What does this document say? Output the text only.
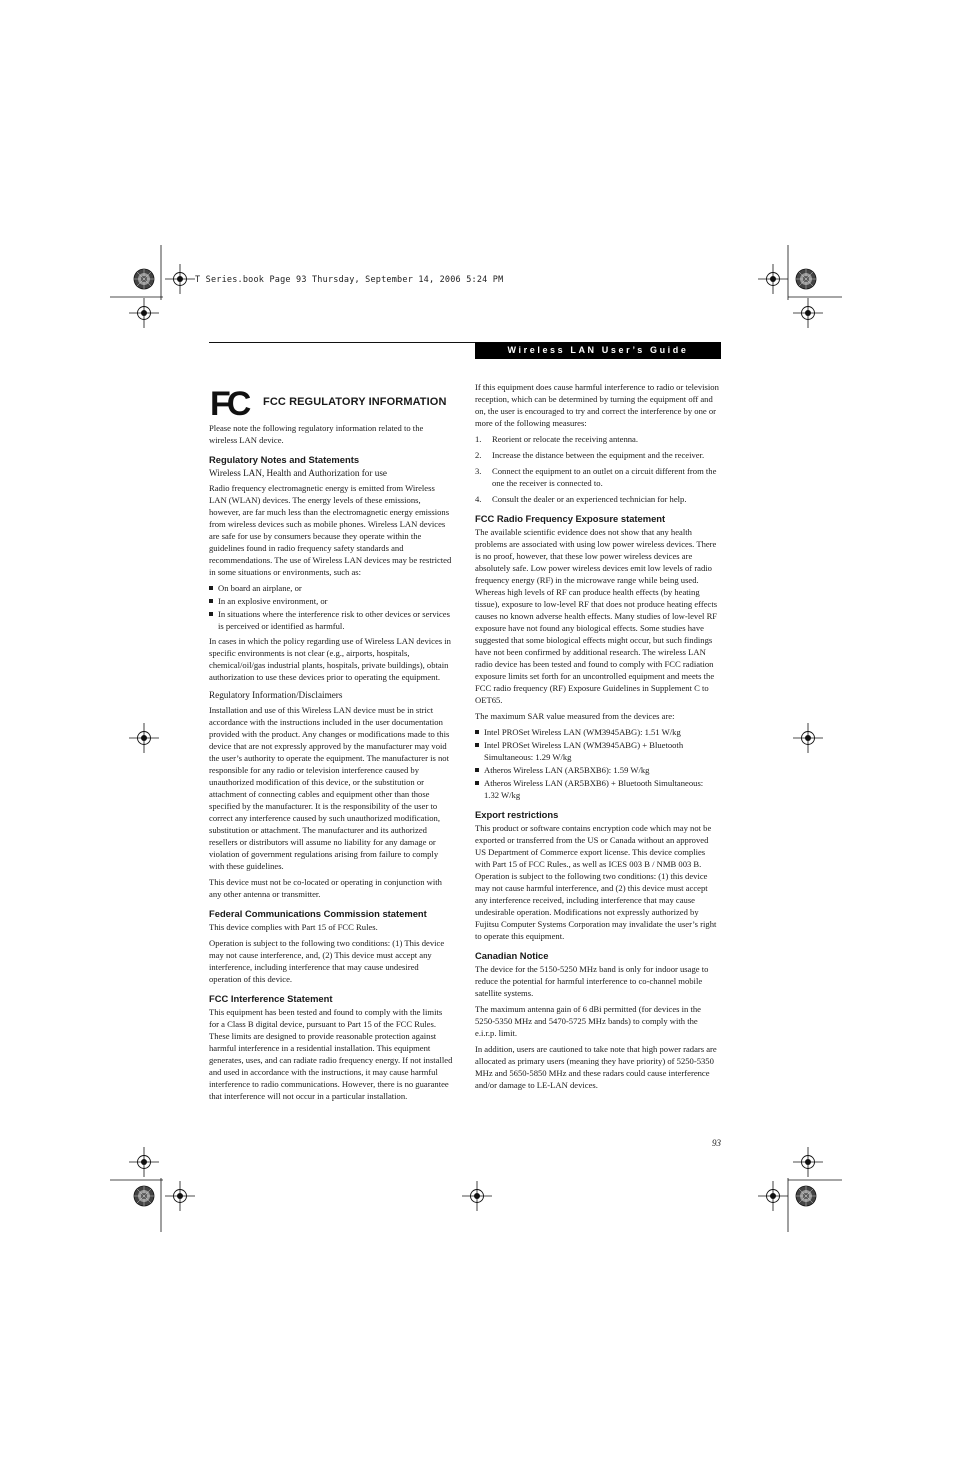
T Series.book Page 93 Thursday, September 14, 2006 5:24 PM
Wireless LAN User’s Guide
FC	FCC REGULATORY INFORMATION

Please note the following regulatory information related to the wireless LAN device.

Regulatory Notes and Statements
Wireless LAN, Health and Authorization for use

Radio frequency electromagnetic energy is emitted from Wireless LAN (WLAN) devices. The energy levels of these emissions, however, are far much less than the electromagnetic energy emissions from wireless devices such as mobile phones. Wireless LAN devices are safe for use by consumers because they operate within the guidelines found in radio frequency safety standards and recommendations. The use of Wireless LAN devices may be restricted in some situations or environments, such as:

On board an airplane, or
In an explosive environment, or
In situations where the interference risk to other devices or services is perceived or identified as harmful.

In cases in which the policy regarding use of Wireless LAN devices in specific environments is not clear (e.g., airports, hospitals, chemical/oil/gas industrial plants, hospitals, private buildings), obtain authorization to use these devices prior to operating the equipment.

Regulatory Information/Disclaimers

Installation and use of this Wireless LAN device must be in strict accordance with the instructions included in the user documentation provided with the product. Any changes or modifications made to this device that are not expressly approved by the manufacturer may void the user’s authority to operate the equipment. The manufacturer is not responsible for any radio or television interference caused by unauthorized modification of this device, or the substitution or attachment of connecting cables and equipment other than those specified by the manufacturer. It is the responsibility of the user to correct any interference caused by such unauthorized modification, substitution or attachment. The manufacturer and its authorized resellers or distributors will assume no liability for any damage or violation of government regulations arising from failure to comply with these guidelines.

This device must not be co-located or operating in conjunction with any other antenna or transmitter.

Federal Communications Commission statement

This device complies with Part 15 of FCC Rules.

Operation is subject to the following two conditions: (1) This device may not cause interference, and, (2) This device must accept any interference, including interference that may cause undesired operation of this device.

FCC Interference Statement

This equipment has been tested and found to comply with the limits for a Class B digital device, pursuant to Part 15 of the FCC Rules. These limits are designed to provide reasonable protection against harmful interference in a residential installation. This equipment generates, uses, and can radiate radio frequency energy. If not installed and used in accordance with the instructions, it may cause harmful interference to radio communications. However, there is no guarantee that interference will not occur in a particular installation.

If this equipment does cause harmful interference to radio or television reception, which can be determined by turning the equipment off and on, the user is encouraged to try and correct the interference by one or more of the following measures:

1. Reorient or relocate the receiving antenna.
2. Increase the distance between the equipment and the receiver.
3. Connect the equipment to an outlet on a circuit different from the one the receiver is connected to.
4. Consult the dealer or an experienced technician for help.
FCC Radio Frequency Exposure statement

The available scientific evidence does not show that any health problems are associated with using low power wireless devices. There is no proof, however, that these low power wireless devices are absolutely safe. Low power wireless devices emit low levels of radio frequency energy (RF) in the microwave range while being used. Whereas high levels of RF can produce health effects (by heating tissue), exposure to low-level RF that does not produce heating effects causes no known adverse health effects. Many studies of low-level RF exposure have not found any biological effects. Some studies have suggested that some biological effects might occur, but such findings have not been confirmed by additional research. The wireless LAN radio device has been tested and found to comply with FCC radiation exposure limits set forth for an uncontrolled equipment and meets the FCC radio frequency (RF) Exposure Guidelines in Supplement C to OET65.

The maximum SAR value measured from the devices are:

Intel PROSet Wireless LAN (WM3945ABG): 1.51 W/kg
Intel PROSet Wireless LAN (WM3945ABG) + Bluetooth Simultaneous: 1.29 W/kg
Atheros Wireless LAN (AR5BXB6): 1.59 W/kg
Atheros Wireless LAN (AR5BXB6) + Bluetooth Simultaneous: 1.32 W/kg
Export restrictions

This product or software contains encryption code which may not be exported or transferred from the US or Canada without an approved US Department of Commerce export license. This device complies with Part 15 of FCC Rules., as well as ICES 003 B / NMB 003 B. Operation is subject to the following two conditions: (1) this device may not cause harmful interference, and (2) this device must accept any interference received, including interference that may cause undesirable operation. Modifications not expressly authorized by Fujitsu Computer Systems Corporation may invalidate the user’s right to operate this equipment.

Canadian Notice

The device for the 5150-5250 MHz band is only for indoor usage to reduce the potential for harmful interference to co-channel mobile satellite systems.

The maximum antenna gain of 6 dBi permitted (for devices in the 5250-5350 MHz and 5470-5725 MHz bands) to comply with the e.i.r.p. limit.

In addition, users are cautioned to take note that high power radars are allocated as primary users (meaning they have priority) of 5250-5350 MHz and 5650-5850 MHz and these radars could cause interference and/or damage to LE-LAN devices.

93
